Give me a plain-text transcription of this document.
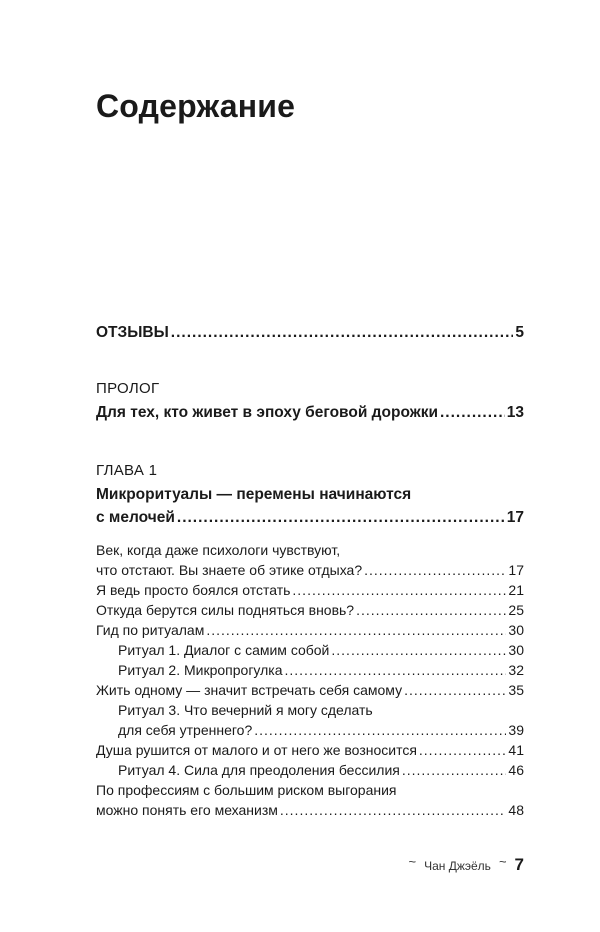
Содержание
ОТЗЫВЫ .....	5
ПРОЛОГ
Для тех, кто живет в эпоху беговой дорожки .....	13
ГЛАВА 1
Микроритуалы — перемены начинаются
с мелочей .....	17
Век, когда даже психологи чувствуют,
что отстают. Вы знаете об этике отдыха? .....	17
Я ведь просто боялся отстать .....	21
Откуда берутся силы подняться вновь? .....	25
Гид по ритуалам .....	30
Ритуал 1. Диалог с самим собой .....	30
Ритуал 2. Микропрогулка .....	32
Жить одному — значит встречать себя самому .....	35
Ритуал 3. Что вечерний я могу сделать
для себя утреннего? .....	39
Душа рушится от малого и от него же возносится .....	41
Ритуал 4. Сила для преодоления бессилия .....	46
По профессиям с большим риском выгорания
можно понять его механизм .....	48
~ Чан Джэёль ~ 7
